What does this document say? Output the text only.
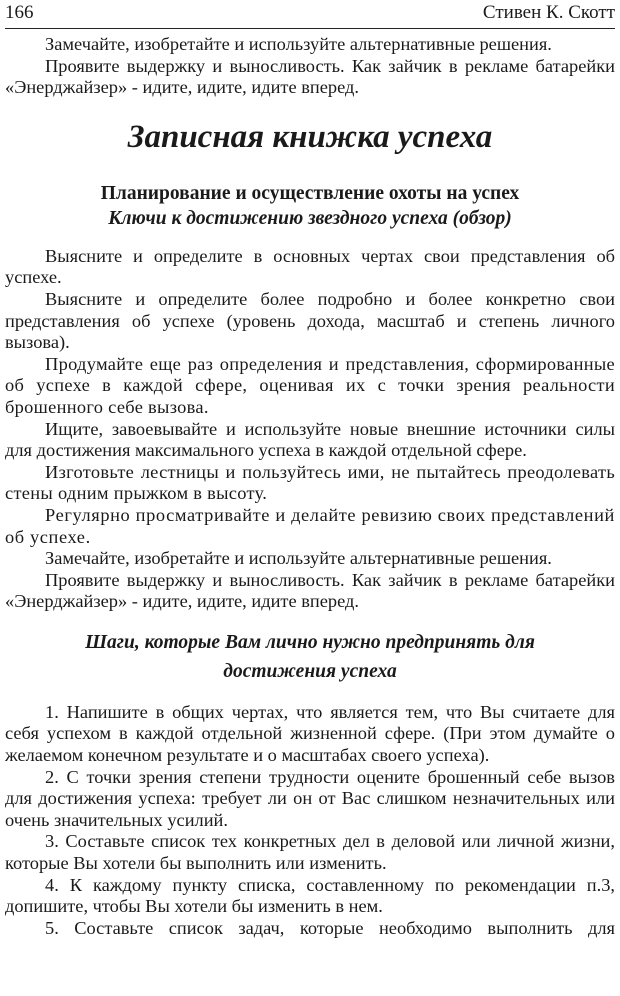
166	Стивен К. Скотт

Замечайте, изобретайте и используйте альтернативные решения.

Проявите выдержку и выносливость. Как зайчик в рекламе батарейки «Энерджайзер» - идите, идите, идите вперед.

Записная книжка успеха
Планирование и осуществление охоты на успех
Ключи к достижению звездного успеха (обзор)

Выясните и определите в основных чертах свои представления об успехе.

Выясните и определите более подробно и более конкретно свои представления об успехе (уровень дохода, масштаб и степень личного вызова).

Продумайте еще раз определения и представления, сформированные об успехе в каждой сфере, оценивая их с точки зрения реальности брошенного себе вызова.

Ищите, завоевывайте и используйте новые внешние источники силы для достижения максимального успеха в каждой отдельной сфере.

Изготовьте лестницы и пользуйтесь ими, не пытайтесь преодолевать стены одним прыжком в высоту.

Регулярно просматривайте и делайте ревизию своих представлений об успехе.

Замечайте, изобретайте и используйте альтернативные решения.

Проявите выдержку и выносливость. Как зайчик в рекламе батарейки «Энерджайзер» - идите, идите, идите вперед.

Шаги, которые Вам лично нужно предпринять для
достижения успеха

1. Напишите в общих чертах, что является тем, что Вы считаете для себя успехом в каждой отдельной жизненной сфере. (При этом думайте о желаемом конечном результате и о масштабах своего успеха).

2. С точки зрения степени трудности оцените брошенный себе вызов для достижения успеха: требует ли он от Вас слишком незначительных или очень значительных усилий.

3. Составьте список тех конкретных дел в деловой или личной жизни, которые Вы хотели бы выполнить или изменить.

4. К каждому пункту списка, составленному по рекомендации п.3, допишите, чтобы Вы хотели бы изменить в нем.

5. Составьте список задач, которые необходимо выполнить для
